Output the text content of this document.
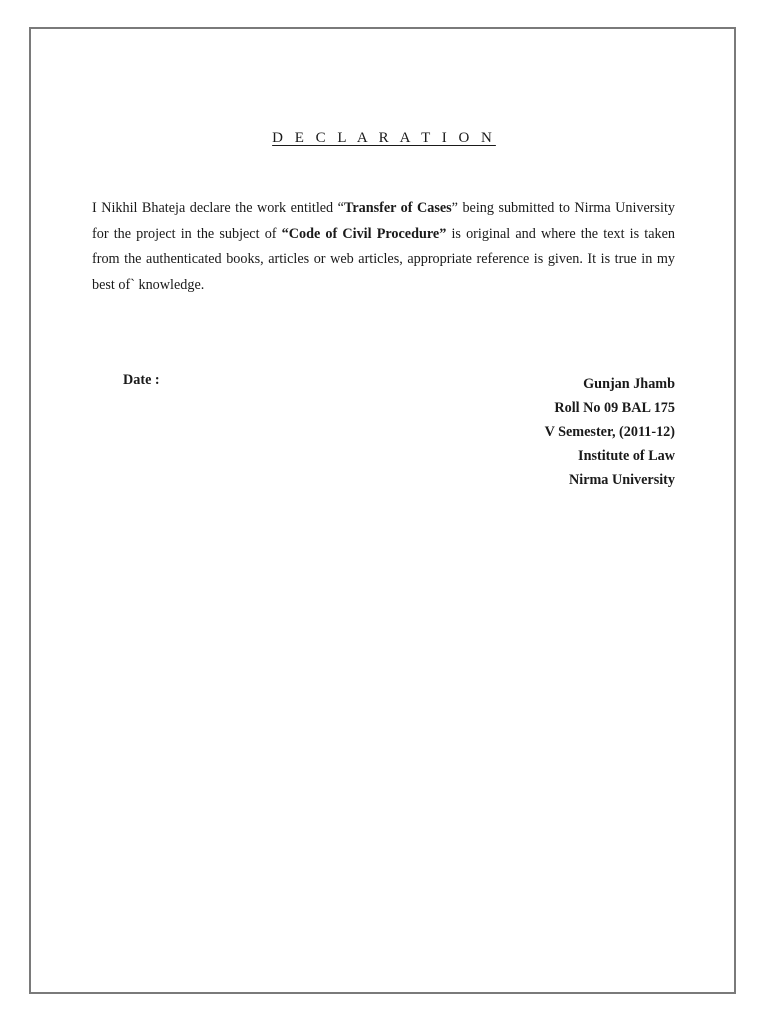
D E C L A R A T I O N
I Nikhil Bhateja declare the work entitled “Transfer of Cases” being submitted to Nirma University for the project in the subject of “Code of Civil Procedure” is original and where the text is taken from the authenticated books, articles or web articles, appropriate reference is given. It is true in my best of` knowledge.
Date :	Gunjan Jhamb
Roll No 09 BAL 175
V Semester, (2011-12)
Institute of Law
Nirma University
